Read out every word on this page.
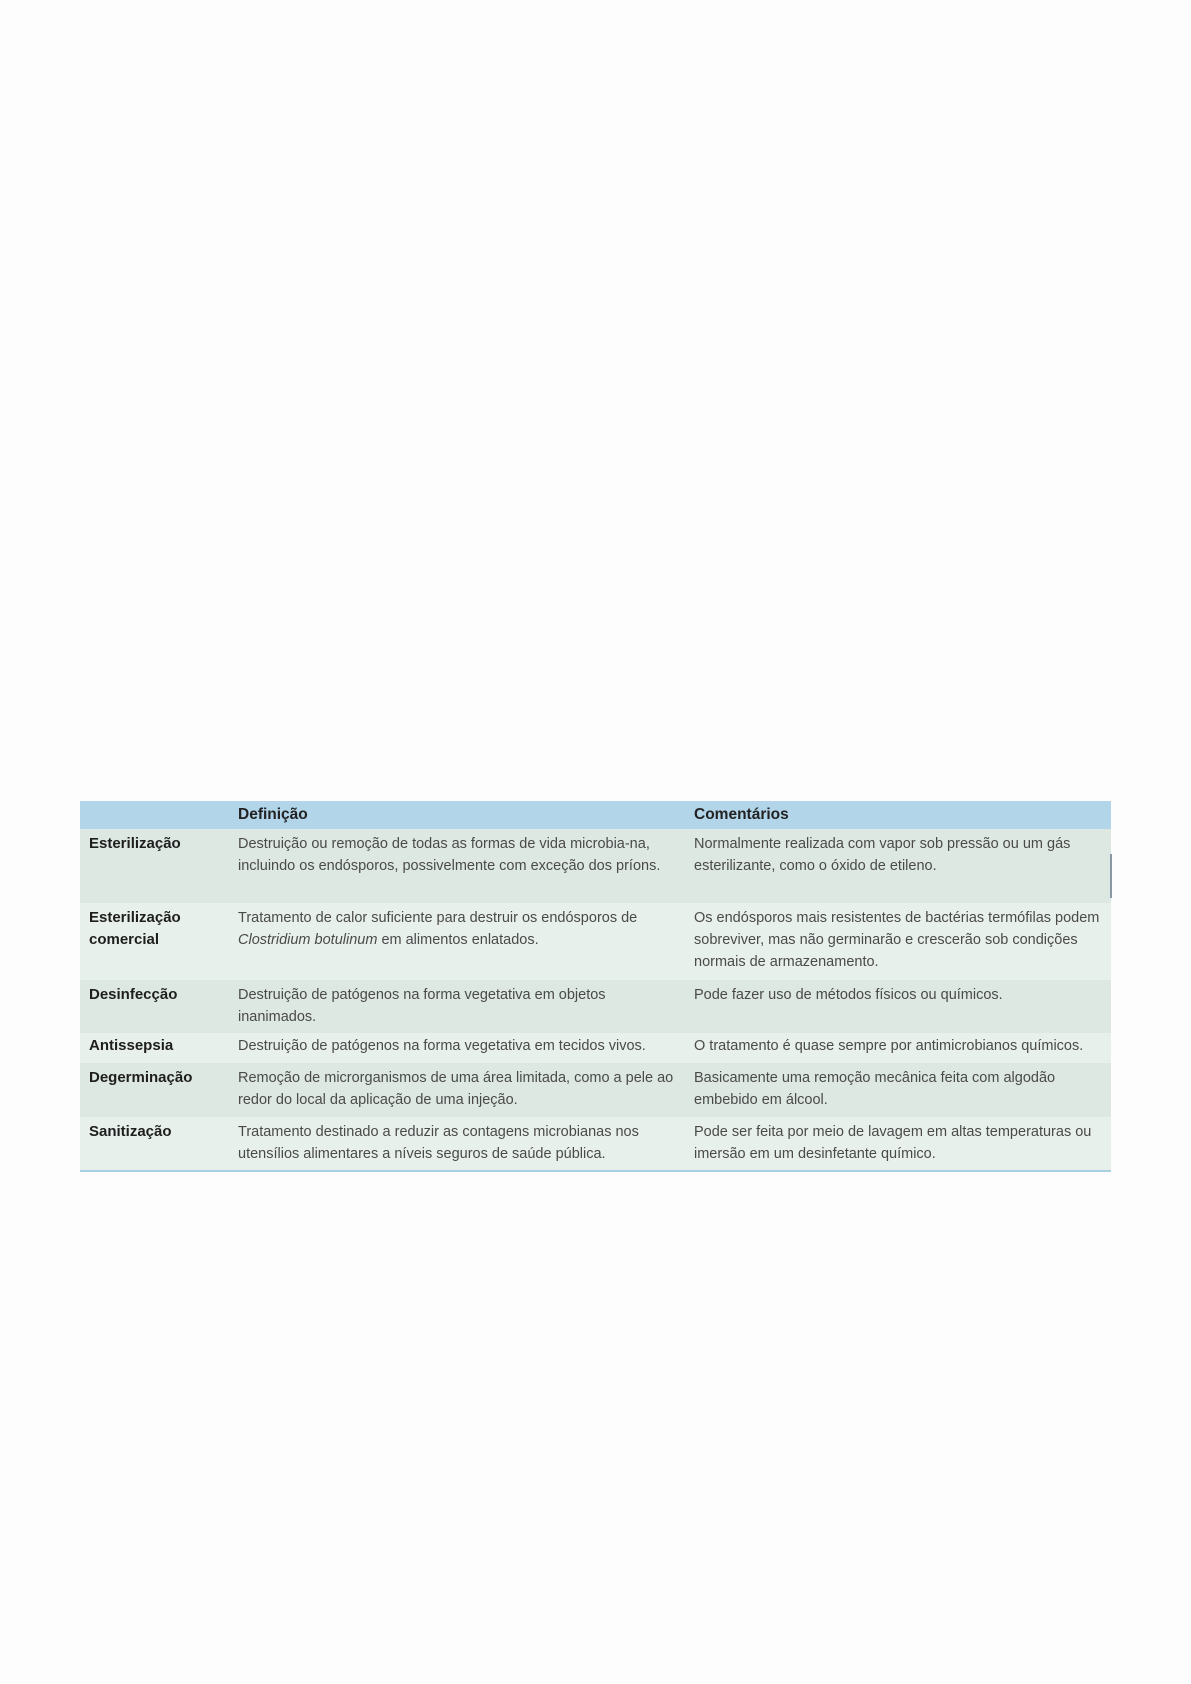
	Definição	Comentários
Esterilização	Destruição ou remoção de todas as formas de vida microbia-na, incluindo os endósporos, possivelmente com exceção dos príons.	Normalmente realizada com vapor sob pressão ou um gás esterilizante, como o óxido de etileno.
Esterilização comercial	Tratamento de calor suficiente para destruir os endósporos de Clostridium botulinum em alimentos enlatados.	Os endósporos mais resistentes de bactérias termófilas podem sobreviver, mas não germinarão e crescerão sob condições normais de armazenamento.
Desinfecção	Destruição de patógenos na forma vegetativa em objetos inanimados.	Pode fazer uso de métodos físicos ou químicos.
Antissepsia	Destruição de patógenos na forma vegetativa em tecidos vivos.	O tratamento é quase sempre por antimicrobianos químicos.
Degerminação	Remoção de microrganismos de uma área limitada, como a pele ao redor do local da aplicação de uma injeção.	Basicamente uma remoção mecânica feita com algodão embebido em álcool.
Sanitização	Tratamento destinado a reduzir as contagens microbianas nos utensílios alimentares a níveis seguros de saúde pública.	Pode ser feita por meio de lavagem em altas temperaturas ou imersão em um desinfetante químico.
